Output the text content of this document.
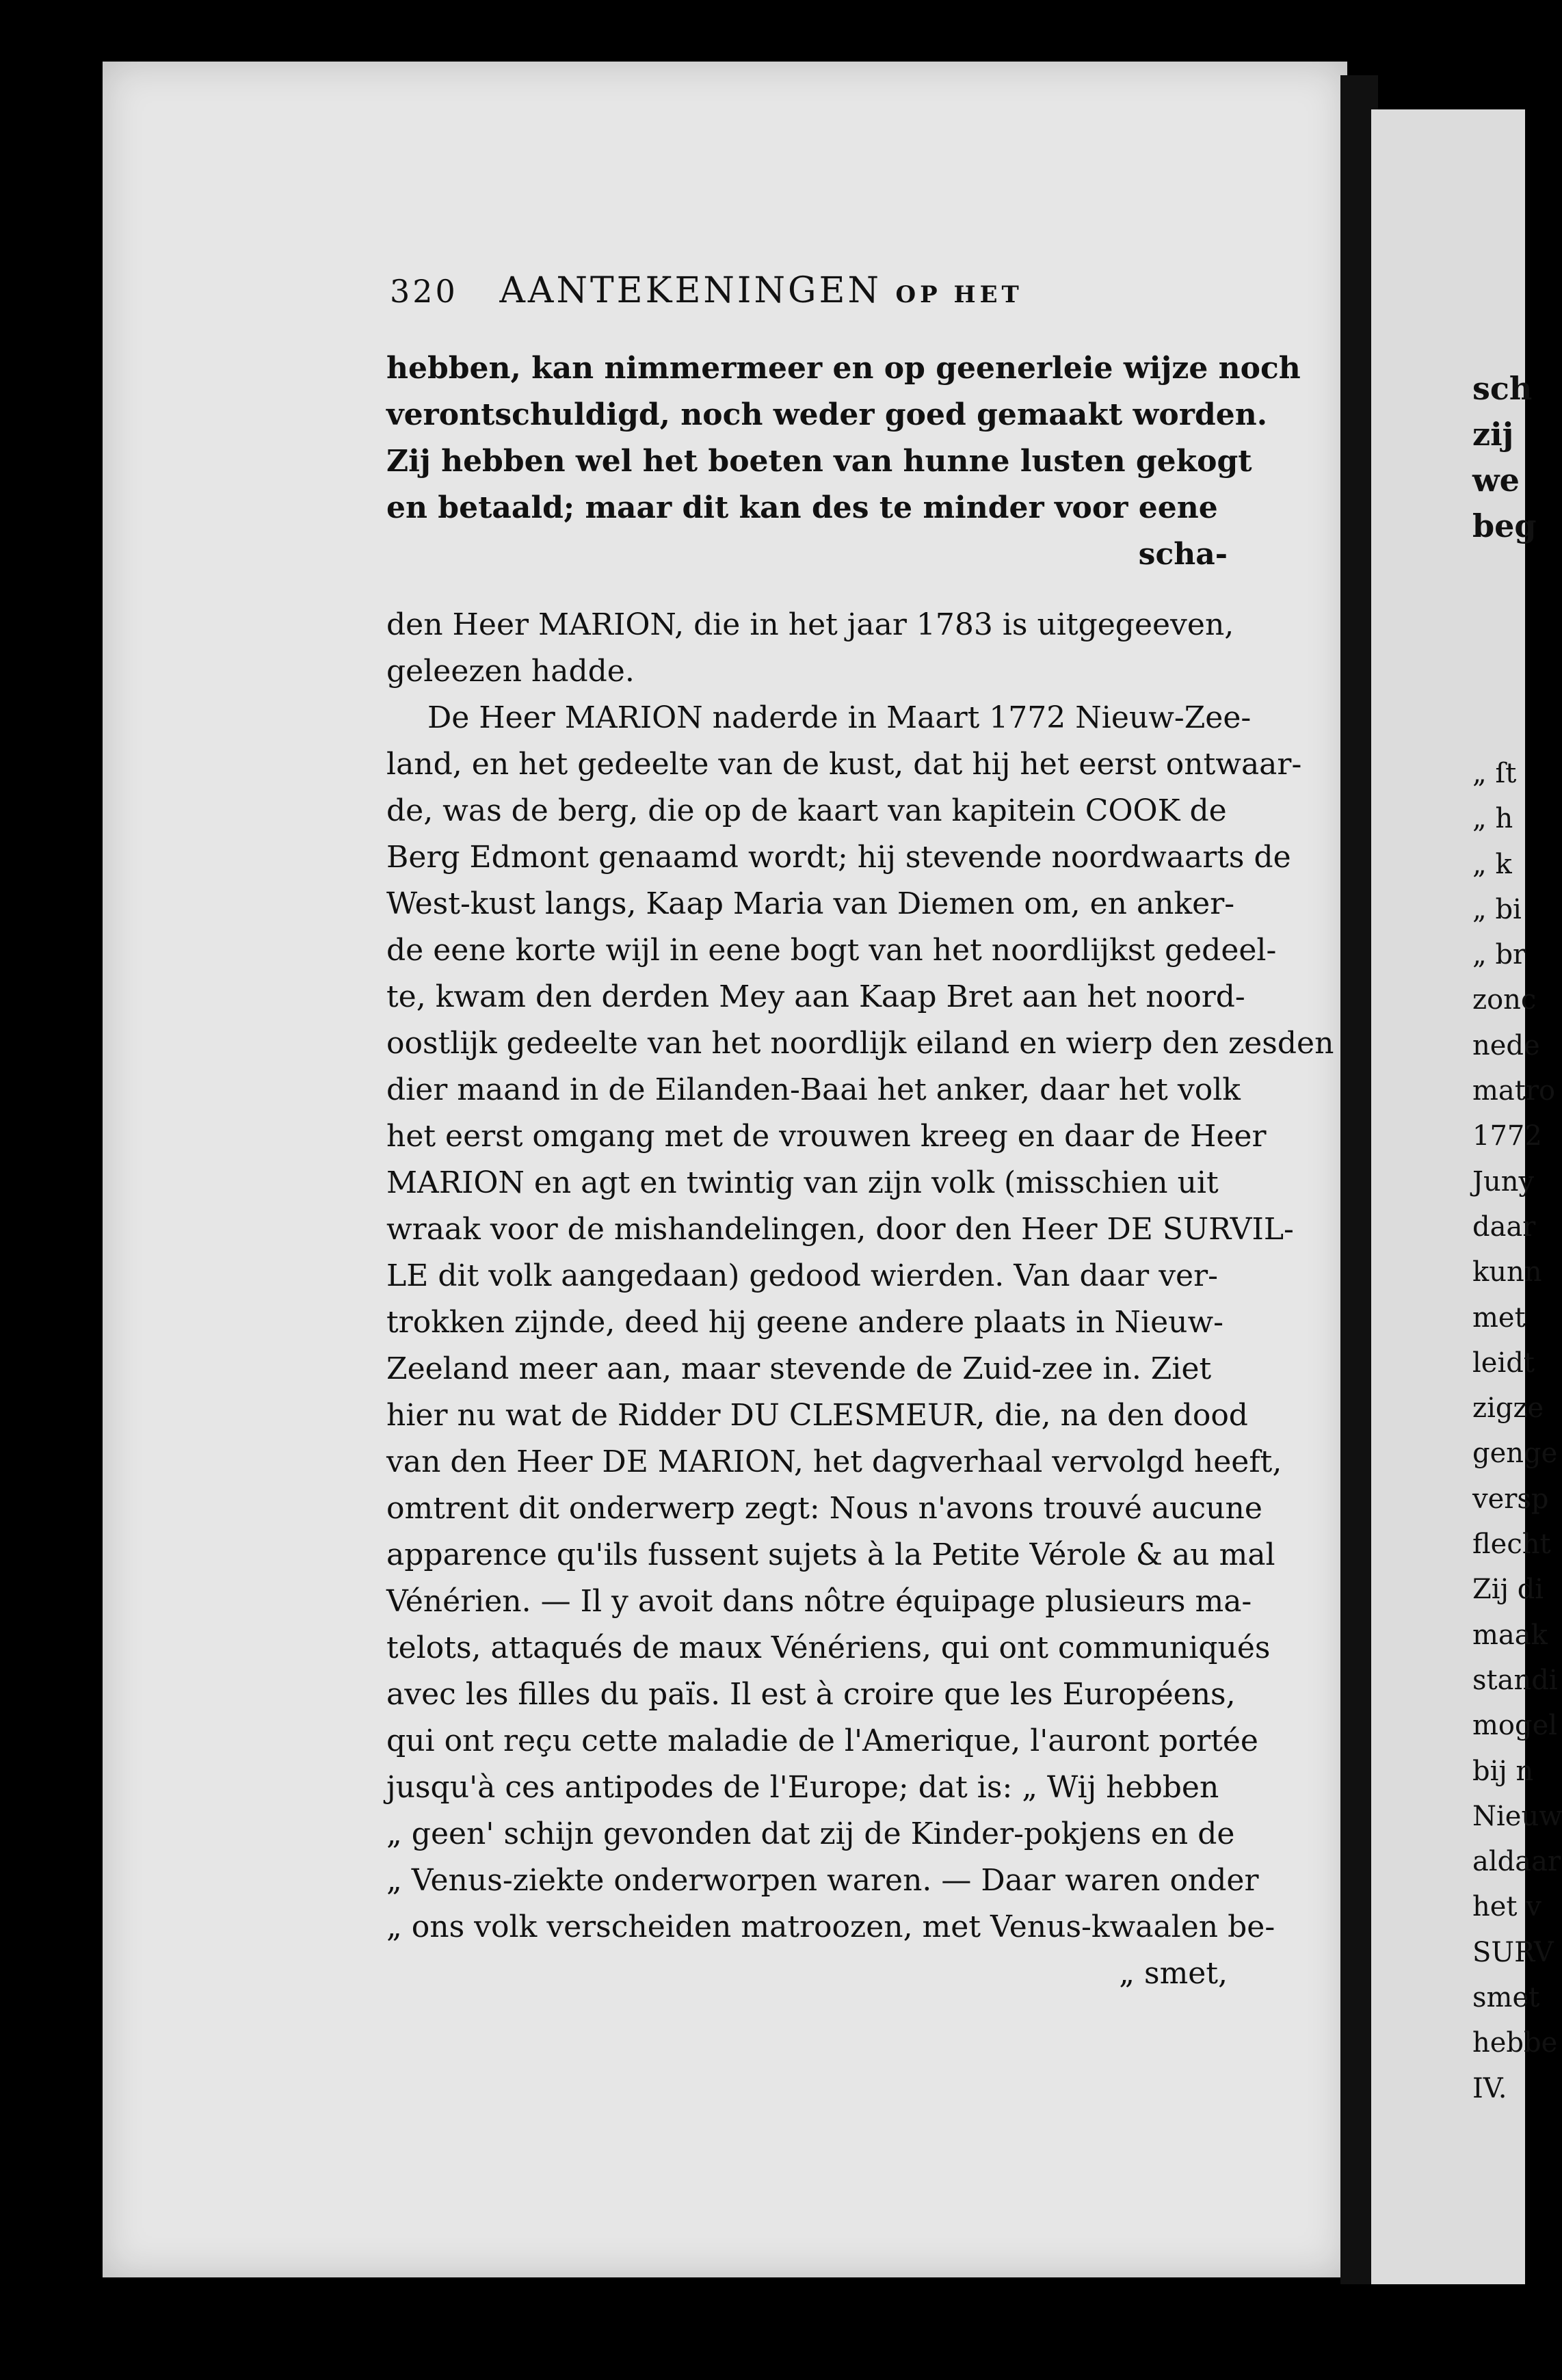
sch
zij
we
beg
„ ſt
„ h
„ k
„ bi
„ br
zonc
nede
matro
1772
Juny
daar
kunn
met
leidt
zigze
genge
versp
flecht
Zij di
maak
standi
mogel
bij n
Nieuw
aldaar
het v
SURV
smet
hebbe
IV.
320 AANTEKENINGEN OP HET
hebben, kan nimmermeer en op geenerleie wijze noch
verontschuldigd, noch weder goed gemaakt worden.
Zij hebben wel het boeten van hunne lusten gekogt
en betaald; maar dit kan des te minder voor eene
scha-
den Heer MARION, die in het jaar 1783 is uitgegeeven,
geleezen hadde.
De Heer MARION naderde in Maart 1772 Nieuw-Zee-
land, en het gedeelte van de kust, dat hij het eerst ontwaar-
de, was de berg, die op de kaart van kapitein COOK de
Berg Edmont genaamd wordt; hij stevende noordwaarts de
West-kust langs, Kaap Maria van Diemen om, en anker-
de eene korte wijl in eene bogt van het noordlijkst gedeel-
te, kwam den derden Mey aan Kaap Bret aan het noord-
oostlijk gedeelte van het noordlijk eiland en wierp den zesden
dier maand in de Eilanden-Baai het anker, daar het volk
het eerst omgang met de vrouwen kreeg en daar de Heer
MARION en agt en twintig van zijn volk (misschien uit
wraak voor de mishandelingen, door den Heer DE SURVIL-
LE dit volk aangedaan) gedood wierden. Van daar ver-
trokken zijnde, deed hij geene andere plaats in Nieuw-
Zeeland meer aan, maar stevende de Zuid-zee in. Ziet
hier nu wat de Ridder DU CLESMEUR, die, na den dood
van den Heer DE MARION, het dagverhaal vervolgd heeft,
omtrent dit onderwerp zegt: Nous n'avons trouvé aucune
apparence qu'ils fussent sujets à la Petite Vérole & au mal
Vénérien. — Il y avoit dans nôtre équipage plusieurs ma-
telots, attaqués de maux Vénériens, qui ont communiqués
avec les filles du païs. Il est à croire que les Européens,
qui ont reçu cette maladie de l'Amerique, l'auront portée
jusqu'à ces antipodes de l'Europe; dat is: „ Wij hebben
„ geen' schijn gevonden dat zij de Kinder-pokjens en de
„ Venus-ziekte onderworpen waren. — Daar waren onder
„ ons volk verscheiden matroozen, met Venus-kwaalen be-
„ smet,
